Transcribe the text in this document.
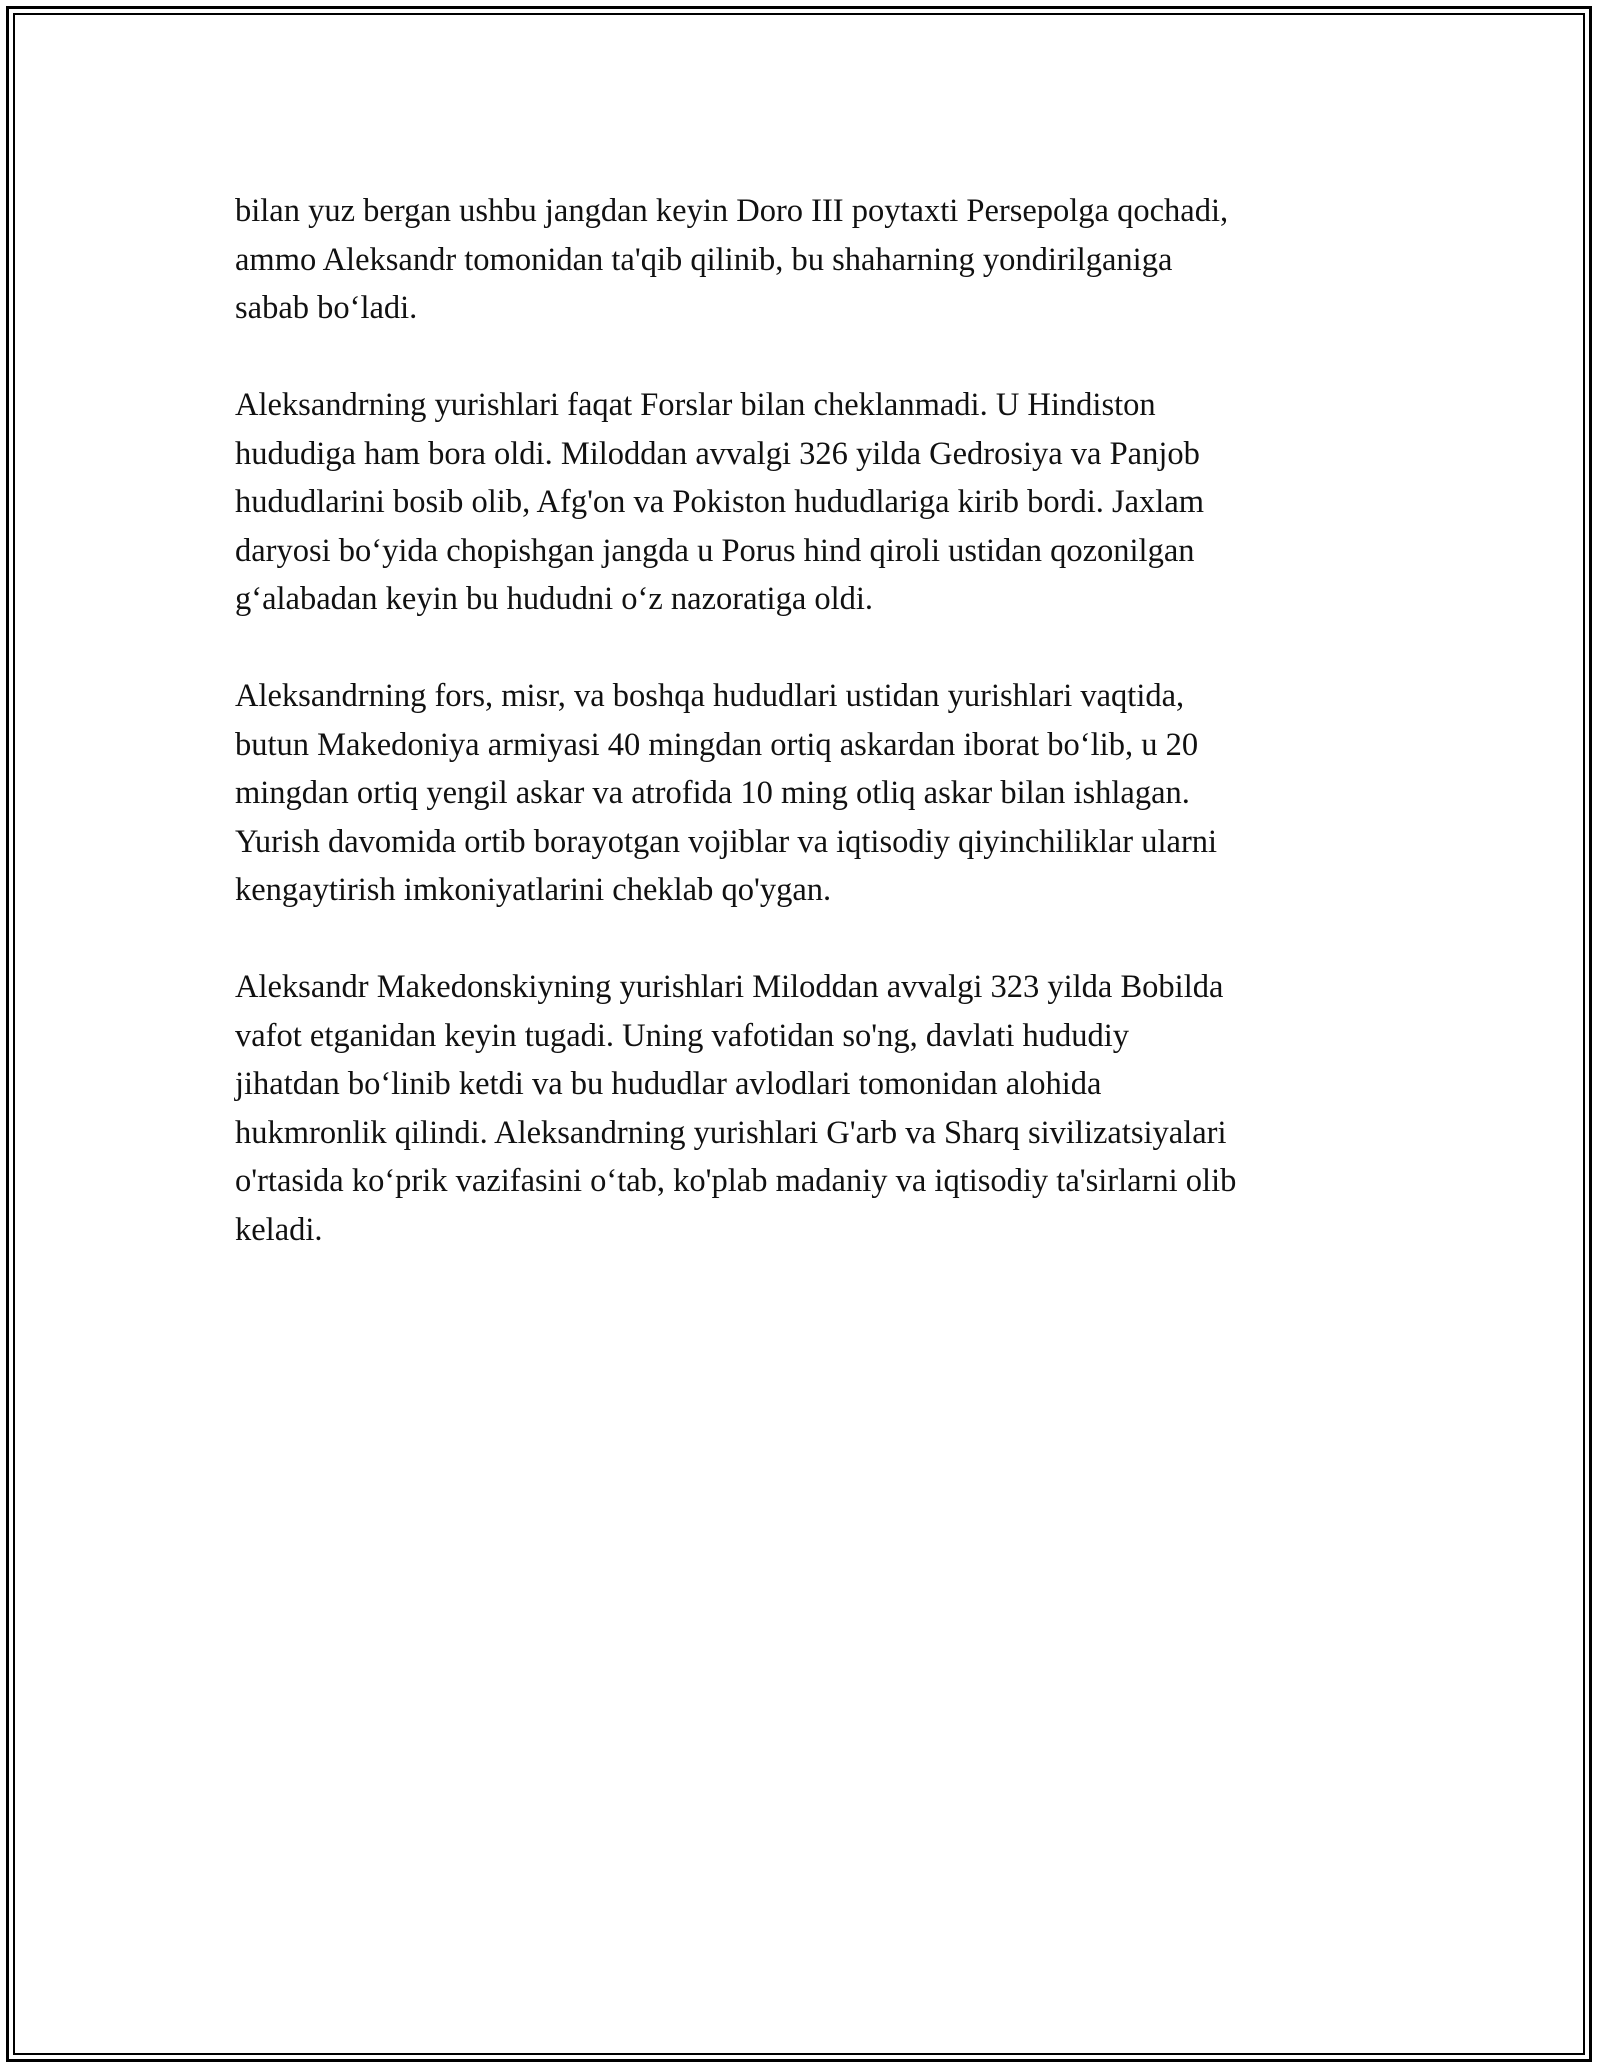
bilan yuz bergan ushbu jangdan keyin Doro III poytaxti Persepolga qochadi,
ammo Aleksandr tomonidan ta'qib qilinib, bu shaharning yondirilganiga
sabab bo‘ladi.

Aleksandrning yurishlari faqat Forslar bilan cheklanmadi. U Hindiston
hududiga ham bora oldi. Miloddan avvalgi 326 yilda Gedrosiya va Panjob
hududlarini bosib olib, Afg'on va Pokiston hududlariga kirib bordi. Jaxlam
daryosi bo‘yida chopishgan jangda u Porus hind qiroli ustidan qozonilgan
g‘alabadan keyin bu hududni o‘z nazoratiga oldi.

Aleksandrning fors, misr, va boshqa hududlari ustidan yurishlari vaqtida,
butun Makedoniya armiyasi 40 mingdan ortiq askardan iborat bo‘lib, u 20
mingdan ortiq yengil askar va atrofida 10 ming otliq askar bilan ishlagan.
Yurish davomida ortib borayotgan vojiblar va iqtisodiy qiyinchiliklar ularni
kengaytirish imkoniyatlarini cheklab qo'ygan.

Aleksandr Makedonskiyning yurishlari Miloddan avvalgi 323 yilda Bobilda
vafot etganidan keyin tugadi. Uning vafotidan so'ng, davlati hududiy
jihatdan bo‘linib ketdi va bu hududlar avlodlari tomonidan alohida
hukmronlik qilindi. Aleksandrning yurishlari G'arb va Sharq sivilizatsiyalari
o'rtasida ko‘prik vazifasini o‘tab, ko'plab madaniy va iqtisodiy ta'sirlarni olib
keladi.
